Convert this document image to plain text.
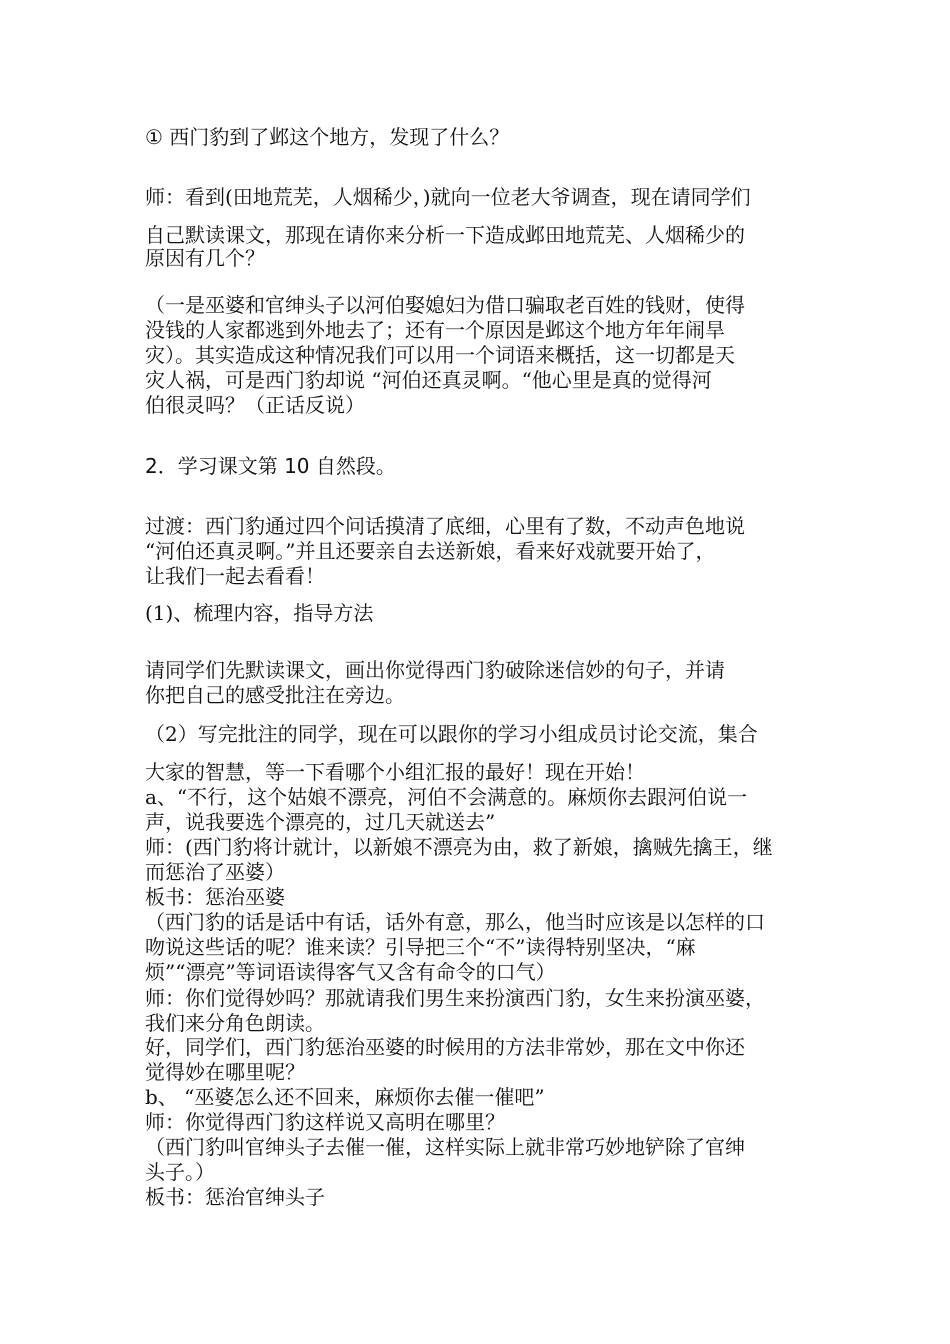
① 西门豹到了邺这个地方，发现了什么？

师：看到(田地荒芜，人烟稀少，)就向一位老大爷调查，现在请同学们

自己默读课文，那现在请你来分析一下造成邺田地荒芜、人烟稀少的

原因有几个？

（一是巫婆和官绅头子以河伯娶媳妇为借口骗取老百姓的钱财，使得

没钱的人家都逃到外地去了；还有一个原因是邺这个地方年年闹旱

灾）。其实造成这种情况我们可以用一个词语来概括，这一切都是天

灾人祸，可是西门豹却说 “河伯还真灵啊。“他心里是真的觉得河

伯很灵吗？（正话反说）

2．学习课文第 10 自然段。

过渡：西门豹通过四个问话摸清了底细，心里有了数，不动声色地说

“河伯还真灵啊。”并且还要亲自去送新娘，看来好戏就要开始了，

让我们一起去看看！

(1)、梳理内容，指导方法

请同学们先默读课文，画出你觉得西门豹破除迷信妙的句子，并请

你把自己的感受批注在旁边。

（2）写完批注的同学，现在可以跟你的学习小组成员讨论交流，集合

大家的智慧，等一下看哪个小组汇报的最好！现在开始！

a、“不行，这个姑娘不漂亮，河伯不会满意的。麻烦你去跟河伯说一

声，说我要选个漂亮的，过几天就送去”

师：(西门豹将计就计，以新娘不漂亮为由，救了新娘，擒贼先擒王，继

而惩治了巫婆）

板书：惩治巫婆

（西门豹的话是话中有话，话外有意，那么，他当时应该是以怎样的口

吻说这些话的呢？谁来读？引导把三个“不”读得特别坚决，“麻

烦”“漂亮”等词语读得客气又含有命令的口气）

师：你们觉得妙吗？那就请我们男生来扮演西门豹，女生来扮演巫婆，

我们来分角色朗读。

好，同学们，西门豹惩治巫婆的时候用的方法非常妙，那在文中你还

觉得妙在哪里呢？

b、 “巫婆怎么还不回来，麻烦你去催一催吧”

师：你觉得西门豹这样说又高明在哪里？

（西门豹叫官绅头子去催一催，这样实际上就非常巧妙地铲除了官绅

头子。）

板书：惩治官绅头子
